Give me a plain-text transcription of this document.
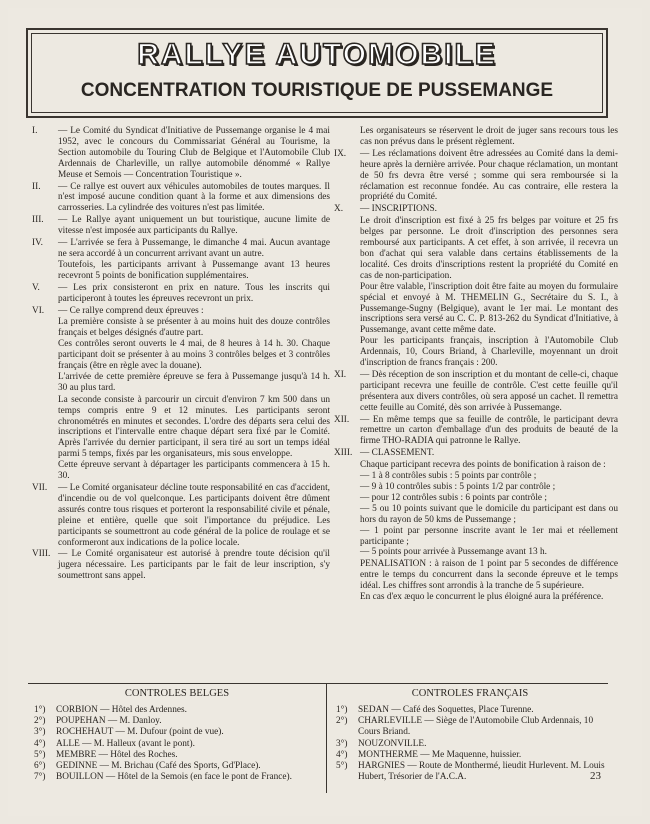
RALLYE AUTOMOBILE
CONCENTRATION TOURISTIQUE DE PUSSEMANGE
I. — Le Comité du Syndicat d'Initiative de Pussemange organise le 4 mai 1952, avec le concours du Commissariat Général au Tourisme, la Section automobile du Touring Club de Belgique et l'Automobile Club Ardennais de Charleville, un rallye automobile dénommé « Rallye Meuse et Semois — Concentration Touristique ».
II. — Ce rallye est ouvert aux véhicules automobiles de toutes marques. Il n'est imposé aucune condition quant à la forme et aux dimensions des carrosseries. La cylindrée des voitures n'est pas limitée.
III. — Le Rallye ayant uniquement un but touristique, aucune limite de vitesse n'est imposée aux participants du Rallye.
IV. — L'arrivée se fera à Pussemange, le dimanche 4 mai. Aucun avantage ne sera accordé à un concurrent arrivant avant un autre.
Toutefois, les participants arrivant à Pussemange avant 13 heures recevront 5 points de bonification supplémentaires.
V. — Les prix consisteront en prix en nature. Tous les inscrits qui participeront à toutes les épreuves recevront un prix.
VI. — Ce rallye comprend deux épreuves :
La première consiste à se présenter à au moins huit des douze contrôles français et belges désignés d'autre part.
Ces contrôles seront ouverts le 4 mai, de 8 heures à 14 h. 30. Chaque participant doit se présenter à au moins 3 contrôles belges et 3 contrôles français (être en règle avec la douane).
L'arrivée de cette première épreuve se fera à Pussemange jusqu'à 14 h. 30 au plus tard.
La seconde consiste à parcourir un circuit d'environ 7 km 500 dans un temps compris entre 9 et 12 minutes. Les participants seront chronométrés en minutes et secondes. L'ordre des départs sera celui des inscriptions et l'intervalle entre chaque départ sera fixé par le Comité. Après l'arrivée du dernier participant, il sera tiré au sort un temps idéal parmi 5 temps, fixés par les organisateurs, mis sous enveloppe.
Cette épreuve servant à départager les participants commencera à 15 h. 30.
VII. — Le Comité organisateur décline toute responsabilité en cas d'accident, d'incendie ou de vol quelconque. Les participants doivent être dûment assurés contre tous risques et porteront la responsabilité civile et pénale, pleine et entière, quelle que soit l'importance du préjudice. Les participants se soumettront au code général de la police de roulage et se conformeront aux indications de la police locale.
VIII. — Le Comité organisateur est autorisé à prendre toute décision qu'il jugera nécessaire. Les participants par le fait de leur inscription, s'y soumettront sans appel.
Les organisateurs se réservent le droit de juger sans recours tous les cas non prévus dans le présent règlement.
IX. — Les réclamations doivent être adressées au Comité dans la demi-heure après la dernière arrivée. Pour chaque réclamation, un montant de 50 frs devra être versé ; somme qui sera remboursée si la réclamation est reconnue fondée. Au cas contraire, elle restera la propriété du Comité.
X. — INSCRIPTIONS.
Le droit d'inscription est fixé à 25 frs belges par voiture et 25 frs belges par personne. Le droit d'inscription des personnes sera remboursé aux participants. A cet effet, à son arrivée, il recevra un bon d'achat qui sera valable dans certains établissements de la localité. Ces droits d'inscriptions restent la propriété du Comité en cas de non-participation.
Pour être valable, l'inscription doit être faite au moyen du formulaire spécial et envoyé à M. THEMELIN G., Secrétaire du S. I., à Pussemange-Sugny (Belgique), avant le 1er mai. Le montant des inscriptions sera versé au C. C. P. 813-262 du Syndicat d'Initiative, à Pussemange, avant cette même date.
Pour les participants français, inscription à l'Automobile Club Ardennais, 10, Cours Briand, à Charleville, moyennant un droit d'inscription de francs français : 200.
XI. — Dès réception de son inscription et du montant de celle-ci, chaque participant recevra une feuille de contrôle. C'est cette feuille qu'il présentera aux divers contrôles, où sera apposé un cachet. Il remettra cette feuille au Comité, dès son arrivée à Pussemange.
XII. — En même temps que sa feuille de contrôle, le participant devra remettre un carton d'emballage d'un des produits de beauté de la firme THO-RADIA qui patronne le Rallye.
XIII. — CLASSEMENT.
Chaque participant recevra des points de bonification à raison de :
— 1 à 8 contrôles subis : 5 points par contrôle ;
— 9 à 10 contrôles subis : 5 points 1/2 par contrôle ;
— pour 12 contrôles subis : 6 points par contrôle ;
— 5 ou 10 points suivant que le domicile du participant est dans ou hors du rayon de 50 kms de Pussemange ;
— 1 point par personne inscrite avant le 1er mai et réellement participante ;
— 5 points pour arrivée à Pussemange avant 13 h.
PENALISATION : à raison de 1 point par 5 secondes de différence entre le temps du concurrent dans la seconde épreuve et le temps idéal. Les chiffres sont arrondis à la tranche de 5 supérieure.
En cas d'ex æquo le concurrent le plus éloigné aura la préférence.
CONTROLES BELGES	CONTROLES FRANÇAIS
1°) CORBION — Hôtel des Ardennes.
2°) POUPEHAN — M. Danloy.
3°) ROCHEHAUT — M. Dufour (point de vue).
4°) ALLE — M. Halleux (avant le pont).
5°) MEMBRE — Hôtel des Roches.
6°) GEDINNE — M. Brichau (Café des Sports, Gd'Place).
7°) BOUILLON — Hôtel de la Semois (en face le pont de France).
1°) SEDAN — Café des Soquettes, Place Turenne.
2°) CHARLEVILLE — Siège de l'Automobile Club Ardennais, 10 Cours Briand.
3°) NOUZONVILLE.
4°) MONTHERME — Me Maquenne, huissier.
5°) HARGNIES — Route de Monthermé, lieudit Hurlevent. M. Louis Hubert, Trésorier de l'A.C.A.	23
